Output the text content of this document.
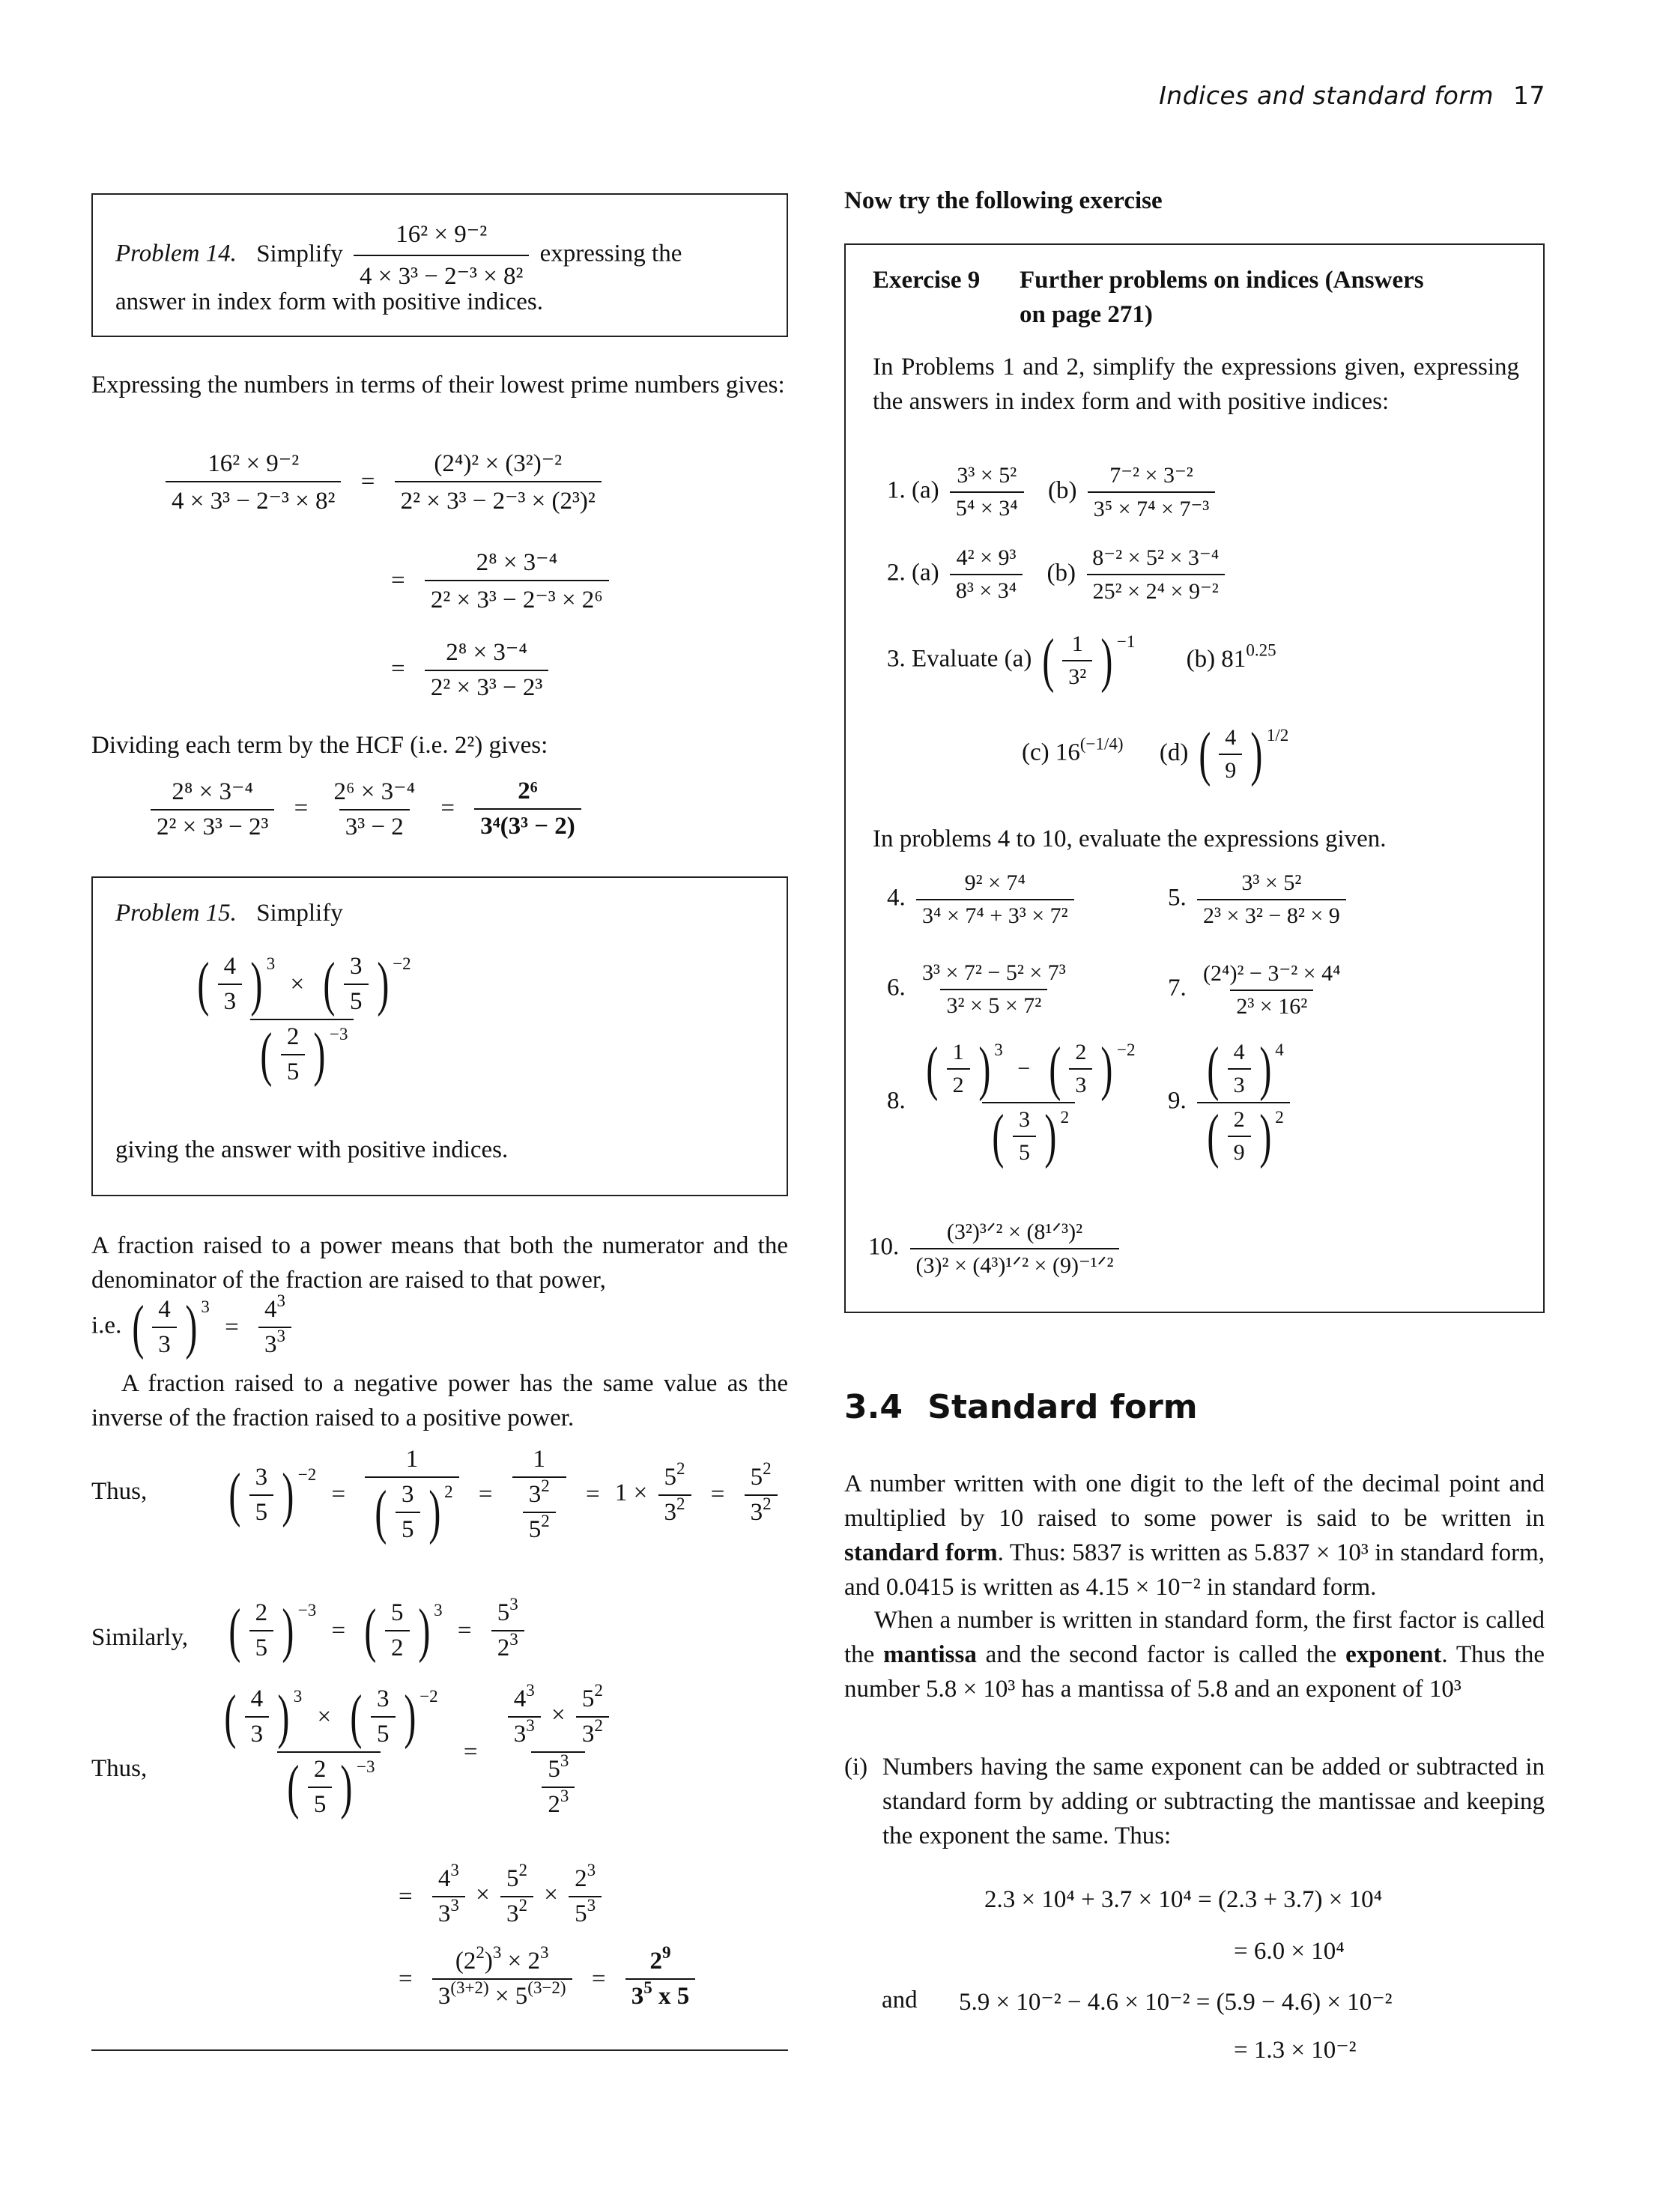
Indices and standard form 17
Problem 14. Simplify $\frac{\text{16² × 9⁻²}}{\text{4 × 3³ − 2⁻³ × 8²}}$ expressing the
answer in index form with positive indices.
Expressing the numbers in terms of their lowest prime numbers gives:
$\frac{\text{16² × 9⁻²}}{\text{4 × 3³ − 2⁻³ × 8²}} = \frac{\text{(2⁴)² × (3²)⁻²}}{\text{2² × 3³ − 2⁻³ × (2³)²}}$
= $\frac{\text{2⁸ × 3⁻⁴}}{\text{2² × 3³ − 2⁻³ × 2⁶}}$
= $\frac{\text{2⁸ × 3⁻⁴}}{\text{2² × 3³ − 2³}}$
Dividing each term by the HCF (i.e. 2²) gives:
$\frac{\text{2⁸ × 3⁻⁴}}{\text{2² × 3³ − 2³}} = \frac{\text{2⁶ × 3⁻⁴}}{\text{3³ − 2}} = \frac{\text{2⁶}}{\text{3⁴(3³ − 2)}}$
Problem 15. Simplify
( $\frac{4}{3}$ ) 3
× ( $\frac{3}{5}$ ) −2
( $\frac{2}{5}$ ) −3
giving the answer with positive indices.
A fraction raised to a power means that both the numerator and the denominator of the fraction are raised to that power,
i.e. ( $\frac{4}{3}$ ) 3
= $\frac{4^3}{3^3}$
A fraction raised to a negative power has the same value as the inverse of the fraction raised to a positive power.
Thus, ( $\frac{3}{5}$ ) −2
= $\frac{1}{( \frac{3}{5} ) 2} = \frac{1}{\frac{3^2}{5^2}} = 1 \times \frac{5^2}{3^2} = \frac{5^2}{3^2}$
Similarly, ( $\frac{2}{5}$ ) −3
= ( $\frac{5}{2}$ ) 3
= $\frac{5^3}{2^3}$
Thus, ( $\frac{4}{3}$ ) 3
× ( $\frac{3}{5}$ ) −2
( $\frac{2}{5}$ ) $-3 = \frac{\frac{4^3}{3^3} \times \frac{5^2}{3^2}}{\frac{5^3}{2^3}}$
= $\frac{4^3}{3^3} \times \frac{5^2}{3^2} \times \frac{2^3}{5^3}$
= $\frac{(2^2)^3 \times 2^3}{3^{(3+2)} \times 5^{(3-2)}} = \frac{2^9}{3^5 x 5}$
Now try the following exercise
Exercise 9 Further problems on indices (Answers
on page 271)
In Problems 1 and 2, simplify the expressions given, expressing the answers in index form and with positive indices:
1. $(a) \frac{\text{3³ × 5²}}{\text{5⁴ × 3⁴}} (b) \frac{\text{7⁻² × 3⁻²}}{\text{3⁵ × 7⁴ × 7⁻³}}$
2. $(a) \frac{\text{4² × 9³}}{\text{8³ × 3⁴}} (b) \frac{\text{8⁻² × 5² × 3⁻⁴}}{\text{25² × 2⁴ × 9⁻²}}$
3. Evaluate (a) ( $\frac{1}{\text{3²}}$ ) −1
(b) $81^{0.25}$
(c) $16^{(-1/4)}$ (d) ( $\frac{4}{9}$ ) 1/2
In problems 4 to 10, evaluate the expressions given.
4. $\frac{\text{9² × 7⁴}}{\text{3⁴ × 7⁴ + 3³ × 7²}}$	5. $\frac{\text{3³ × 5²}}{\text{2³ × 3² − 8² × 9}}$
6. $\frac{\text{3³ × 7² − 5² × 7³}}{\text{3² × 5 × 7²}}$	7. $\frac{\text{(2⁴)² − 3⁻² × 4⁴}}{\text{2³ × 16²}}$
8. ( $\frac{1}{2}$ ) 3
− ( $\frac{2}{3}$ ) −2
( $\frac{3}{5}$ ) 2 9. $\frac{( \frac{4}{3} ) 4}{( \frac{2}{9} ) 2}$
10. $\frac{\text{(3²)³ᐟ² × (8¹ᐟ³)²}}{\text{(3)² × (4³)¹ᐟ² × (9)⁻¹ᐟ²}}$
3.4 Standard form
A number written with one digit to the left of the decimal point and multiplied by 10 raised to some power is said to be written in standard form. Thus: 5837 is written as 5.837 × 10³ in standard form, and 0.0415 is written as 4.15 × 10⁻² in standard form.
When a number is written in standard form, the first factor is called the mantissa and the second factor is called the exponent. Thus the number 5.8 × 10³ has a mantissa of 5.8 and an exponent of 10³
(i) Numbers having the same exponent can be added or subtracted in standard form by adding or subtracting the mantissae and keeping the exponent the same. Thus:
2.3 × 10⁴ + 3.7 × 10⁴ = (2.3 + 3.7) × 10⁴
= 6.0 × 10⁴
and 5.9 × 10⁻² − 4.6 × 10⁻² = (5.9 − 4.6) × 10⁻²
= 1.3 × 10⁻²
